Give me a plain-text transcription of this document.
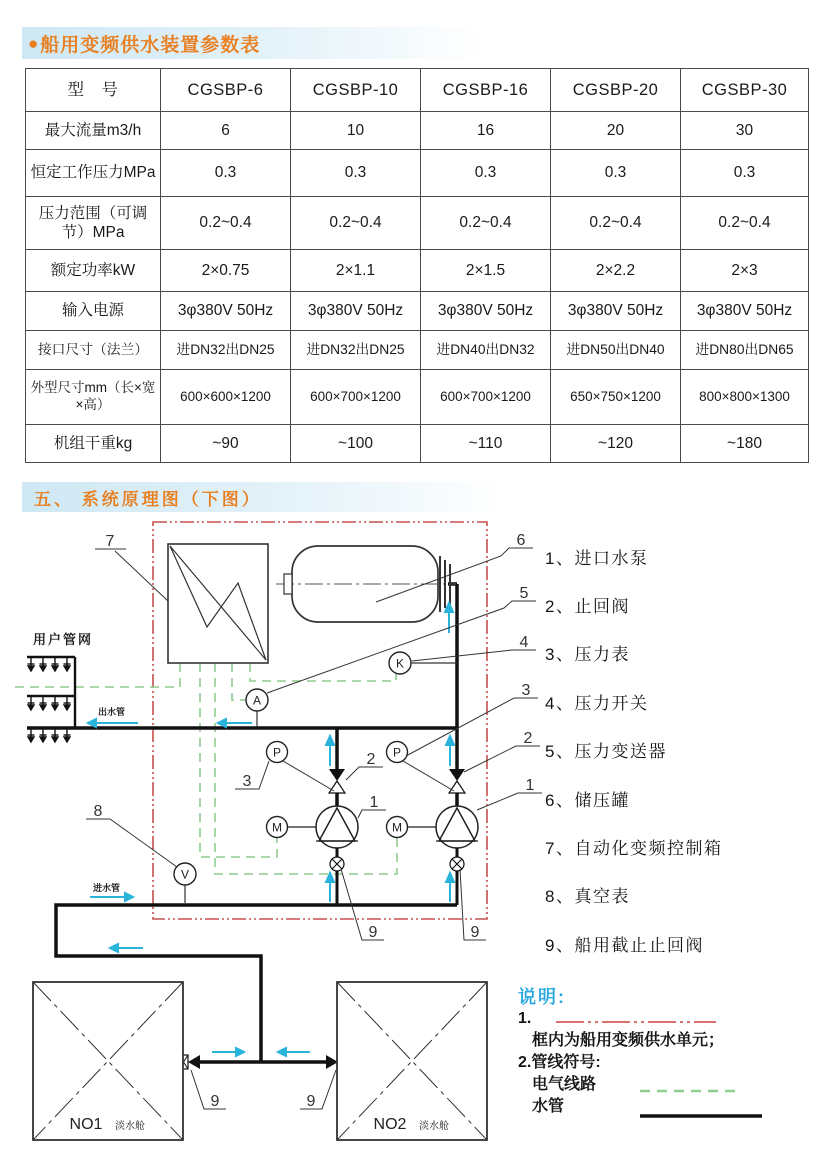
● 船用变频供水装置参数表
型　号	CGSBP-6	CGSBP-10	CGSBP-16	CGSBP-20	CGSBP-30
最大流量m3/h	6	10	16	20	30
恒定工作压力MPa	0.3	0.3	0.3	0.3	0.3
压力范围（可调节）MPa	0.2~0.4	0.2~0.4	0.2~0.4	0.2~0.4	0.2~0.4
额定功率kW	2×0.75	2×1.1	2×1.5	2×2.2	2×3
输入电源	3φ380V 50Hz	3φ380V 50Hz	3φ380V 50Hz	3φ380V 50Hz	3φ380V 50Hz
接口尺寸（法兰）	进DN32出DN25	进DN32出DN25	进DN40出DN32	进DN50出DN40	进DN80出DN65
外型尺寸mm（长×宽×高）	600×600×1200	600×700×1200	600×700×1200	650×750×1200	800×800×1300
机组干重kg	~90	~100	~110	~120	~180
五、 系统原理图（下图）
用户管网
M	M
P	P
K
A
V
NO1 淡水舱	NO2 淡水舱
出水管
进水管
7	6
5
4
3
2
1
3
2
1
8
9	9
9	9
1、进口水泵
2、止回阀
3、压力表
4、压力开关
5、压力变送器
6、储压罐
7、自动化变频控制箱
8、真空表
9、船用截止止回阀
说明:
1.
框内为船用变频供水单元；
2.管线符号:
电气线路
水管
